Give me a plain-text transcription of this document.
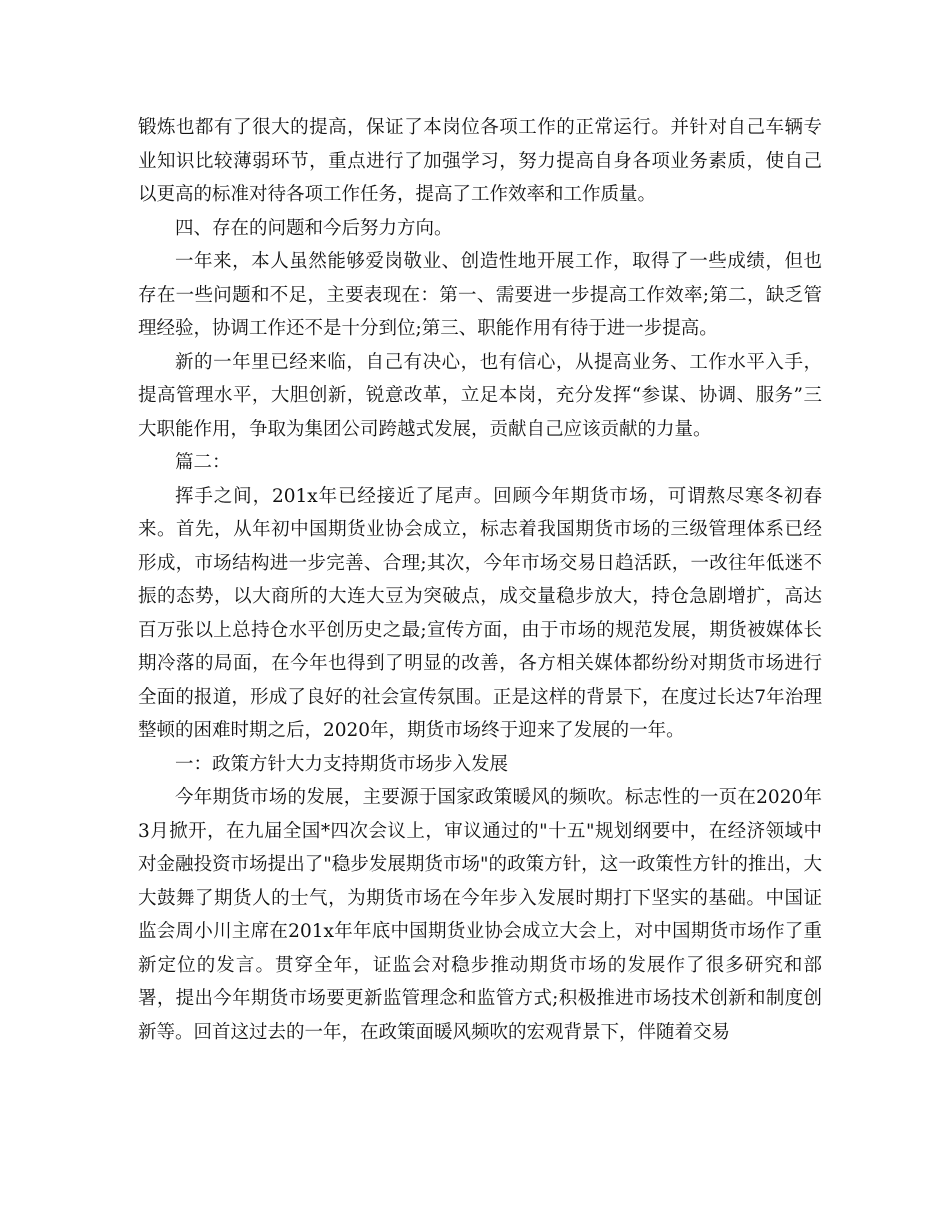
锻炼也都有了很大的提高，保证了本岗位各项工作的正常运行。并针对自己车辆专业知识比较薄弱环节，重点进行了加强学习，努力提高自身各项业务素质，使自己以更高的标准对待各项工作任务，提高了工作效率和工作质量。

四、存在的问题和今后努力方向。

一年来，本人虽然能够爱岗敬业、创造性地开展工作，取得了一些成绩，但也存在一些问题和不足，主要表现在：第一、需要进一步提高工作效率;第二，缺乏管理经验，协调工作还不是十分到位;第三、职能作用有待于进一步提高。

新的一年里已经来临，自己有决心，也有信心，从提高业务、工作水平入手，提高管理水平，大胆创新，锐意改革，立足本岗，充分发挥“参谋、协调、服务”三大职能作用，争取为集团公司跨越式发展，贡献自己应该贡献的力量。

篇二：

挥手之间，201x年已经接近了尾声。回顾今年期货市场，可谓熬尽寒冬初春来。首先，从年初中国期货业协会成立，标志着我国期货市场的三级管理体系已经形成，市场结构进一步完善、合理;其次，今年市场交易日趋活跃，一改往年低迷不振的态势，以大商所的大连大豆为突破点，成交量稳步放大，持仓急剧增扩，高达百万张以上总持仓水平创历史之最;宣传方面，由于市场的规范发展，期货被媒体长期冷落的局面，在今年也得到了明显的改善，各方相关媒体都纷纷对期货市场进行全面的报道，形成了良好的社会宣传氛围。正是这样的背景下，在度过长达7年治理整顿的困难时期之后，2020年，期货市场终于迎来了发展的一年。

一：政策方针大力支持期货市场步入发展

今年期货市场的发展，主要源于国家政策暖风的频吹。标志性的一页在2020年3月掀开，在九届全国*四次会议上，审议通过的"十五"规划纲要中，在经济领域中对金融投资市场提出了"稳步发展期货市场"的政策方针，这一政策性方针的推出，大大鼓舞了期货人的士气，为期货市场在今年步入发展时期打下坚实的基础。中国证监会周小川主席在201x年年底中国期货业协会成立大会上，对中国期货市场作了重新定位的发言。贯穿全年，证监会对稳步推动期货市场的发展作了很多研究和部署，提出今年期货市场要更新监管理念和监管方式;积极推进市场技术创新和制度创新等。回首这过去的一年，在政策面暖风频吹的宏观背景下，伴随着交易
